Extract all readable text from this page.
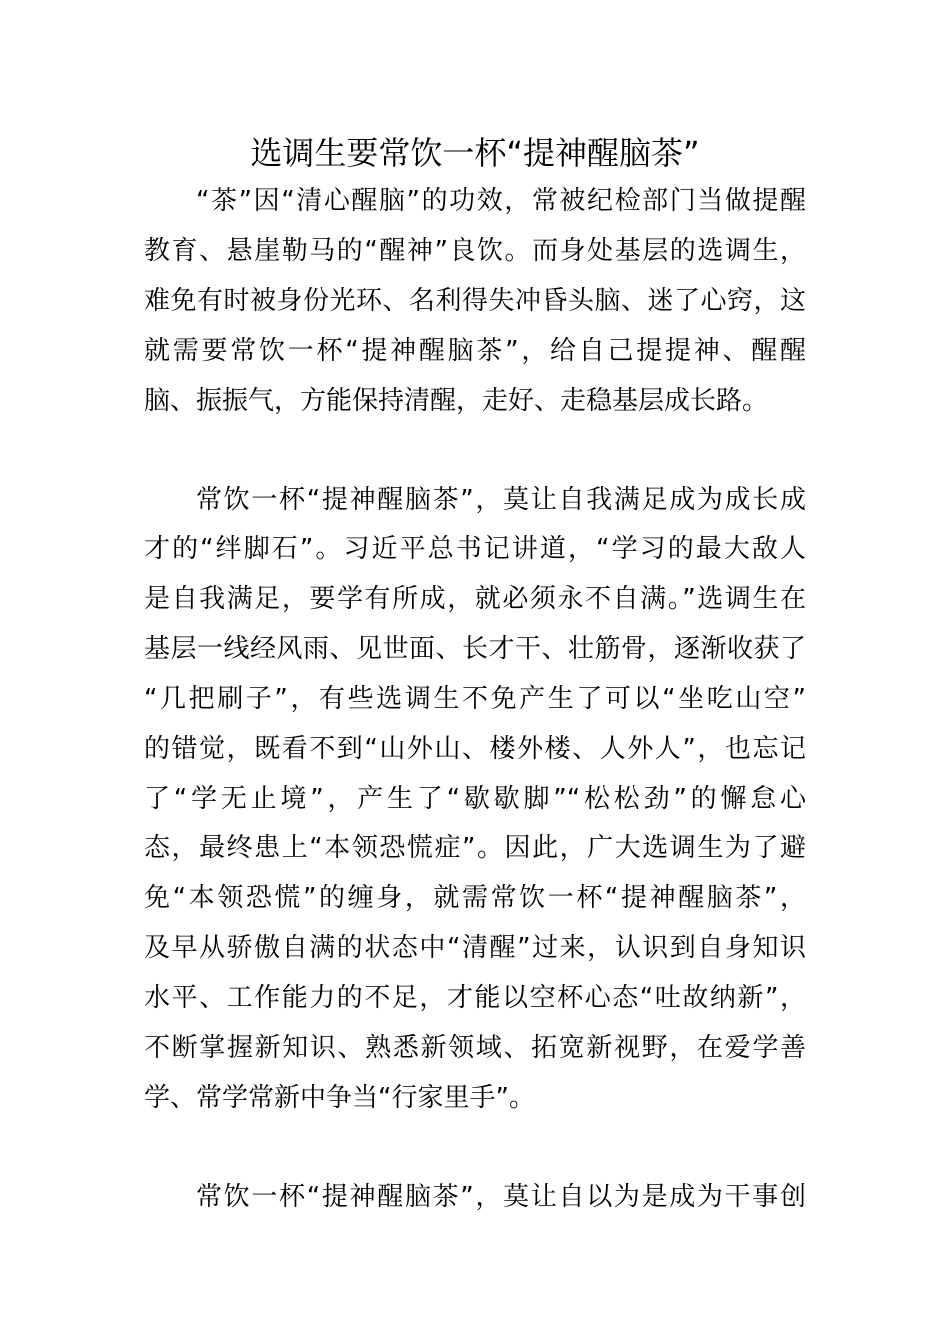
选调生要常饮一杯“提神醒脑茶”
“茶”因“清心醒脑”的功效，常被纪检部门当做提醒
教育、悬崖勒马的“醒神”良饮。而身处基层的选调生，
难免有时被身份光环、名利得失冲昏头脑、迷了心窍，这
就需要常饮一杯“提神醒脑茶”，给自己提提神、醒醒
脑、振振气，方能保持清醒，走好、走稳基层成长路。
常饮一杯“提神醒脑茶”，莫让自我满足成为成长成
才的“绊脚石”。习近平总书记讲道，“学习的最大敌人
是自我满足，要学有所成，就必须永不自满。”选调生在
基层一线经风雨、见世面、长才干、壮筋骨，逐渐收获了
“几把刷子”，有些选调生不免产生了可以“坐吃山空”
的错觉，既看不到“山外山、楼外楼、人外人”，也忘记
了“学无止境”，产生了“歇歇脚”“松松劲”的懈怠心
态，最终患上“本领恐慌症”。因此，广大选调生为了避
免“本领恐慌”的缠身，就需常饮一杯“提神醒脑茶”，
及早从骄傲自满的状态中“清醒”过来，认识到自身知识
水平、工作能力的不足，才能以空杯心态“吐故纳新”，
不断掌握新知识、熟悉新领域、拓宽新视野，在爱学善
学、常学常新中争当“行家里手”。
常饮一杯“提神醒脑茶”，莫让自以为是成为干事创
